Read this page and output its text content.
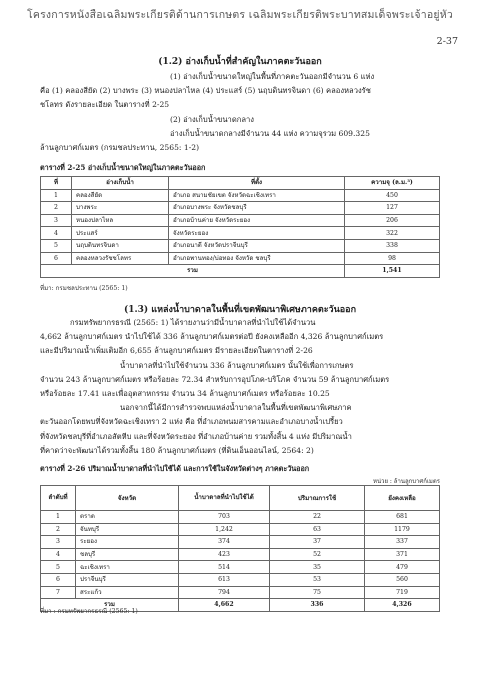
โครงการหนังสือเฉลิมพระเกียรติด้านการเกษตร เฉลิมพระเกียรติพระบาทสมเด็จพระเจ้าอยู่หัว
2-37
(1.2) อ่างเก็บน้ำที่สำคัญในภาคตะวันออก
(1) อ่างเก็บน้ำขนาดใหญ่ในพื้นที่ภาคตะวันออกมีจำนวน 6 แห่ง
คือ (1) คลองสียัด (2) บางพระ (3) หนองปลาไหล (4) ประแสร์ (5) นฤบดินทรจินดา (6) คลองหลวงรัช
ชโลทร ดังรายละเอียด ในตารางที่ 2-25
(2) อ่างเก็บน้ำขนาดกลาง
อ่างเก็บน้ำขนาดกลางมีจำนวน 44 แห่ง ความจุรวม 609.325
ล้านลูกบาศก์เมตร (กรมชลประทาน, 2565: 1-2)
ตารางที่ 2-25 อ่างเก็บน้ำขนาดใหญ่ในภาคตะวันออก
ที่	อ่างเก็บน้ำ	ที่ตั้ง	ความจุ (ล.ม.³)
1	คลองสียัด	อำเภอ สนามชัยเขต จังหวัดฉะเชิงเทรา	450
2	บางพระ	อำเภอบางพระ จังหวัดชลบุรี	127
3	หนองปลาไหล	อำเภอบ้านค่าย จังหวัดระยอง	206
4	ประแสร์	จังหวัดระยอง	322
5	นฤบดินทรจินดา	อำเภอนาดี จังหวัดปราจีนบุรี	338
6	คลองหลวงรัชชโลทร	อำเภอพานทอง/บ่อทอง จังหวัด ชลบุรี	98
รวม			1,541
ที่มา: กรมชลประทาน (2565: 1)
(1.3) แหล่งน้ำบาดาลในพื้นที่เขตพัฒนาพิเศษภาคตะวันออก
กรมทรัพยากรธรณี (2565: 1) ได้รายงานว่ามีน้ำบาดาลที่นำไปใช้ได้จำนวน
4,662 ล้านลูกบาศก์เมตร นำไปใช้ได้ 336 ล้านลูกบาศก์เมตรต่อปี ยังคงเหลืออีก 4,326 ล้านลูกบาศก์เมตร
และมีปริมาณน้ำเพิ่มเติมอีก 6,655 ล้านลูกบาศก์เมตร มีรายละเอียดในตารางที่ 2-26
น้ำบาดาลที่นำไปใช้จำนวน 336 ล้านลูกบาศก์เมตร นั้นใช้เพื่อการเกษตร
จำนวน 243 ล้านลูกบาศก์เมตร หรือร้อยละ 72.34 สำหรับการอุปโภค-บริโภค จำนวน 59 ล้านลูกบาศก์เมตร
หรือร้อยละ 17.41 และเพื่ออุตสาหกรรม จำนวน 34 ล้านลูกบาศก์เมตร หรือร้อยละ 10.25
นอกจากนี้ได้มีการสำรวจพบแหล่งน้ำบาดาลในพื้นที่เขตพัฒนาพิเศษภาค
ตะวันออกโดยพบที่จังหวัดฉะเชิงเทรา 2 แห่ง คือ ที่อำเภอพนมสารคามและอำเภอบางน้ำเปรี้ยว
ที่จังหวัดชลบุรีที่อำเภอสัตหีบ และที่จังหวัดระยอง ที่อำเภอบ้านค่าย รวมทั้งสิ้น 4 แห่ง มีปริมาณน้ำ
ที่คาดว่าจะพัฒนาได้รวมทั้งสิ้น 180 ล้านลูกบาศก์เมตร (ที่ดินเอ็นออนไลน์, 2564: 2)
ตารางที่ 2-26 ปริมาณน้ำบาดาลที่นำไปใช้ได้ และการใช้ในจังหวัดต่างๆ ภาคตะวันออก
หน่วย : ล้านลูกบาศก์เมตร
ลำดับที่	จังหวัด	น้ำบาดาลที่นำไปใช้ได้	ปริมาณการใช้	ยังคงเหลือ
1	ตราด	703	22	681
2	จันทบุรี	1,242	63	1179
3	ระยอง	374	37	337
4	ชลบุรี	423	52	371
5	ฉะเชิงเทรา	514	35	479
6	ปราจีนบุรี	613	53	560
7	สระแก้ว	794	75	719
รวม		4,662	336	4,326
ที่มา : กรมทรัพยากรธรณี (2565: 1)
